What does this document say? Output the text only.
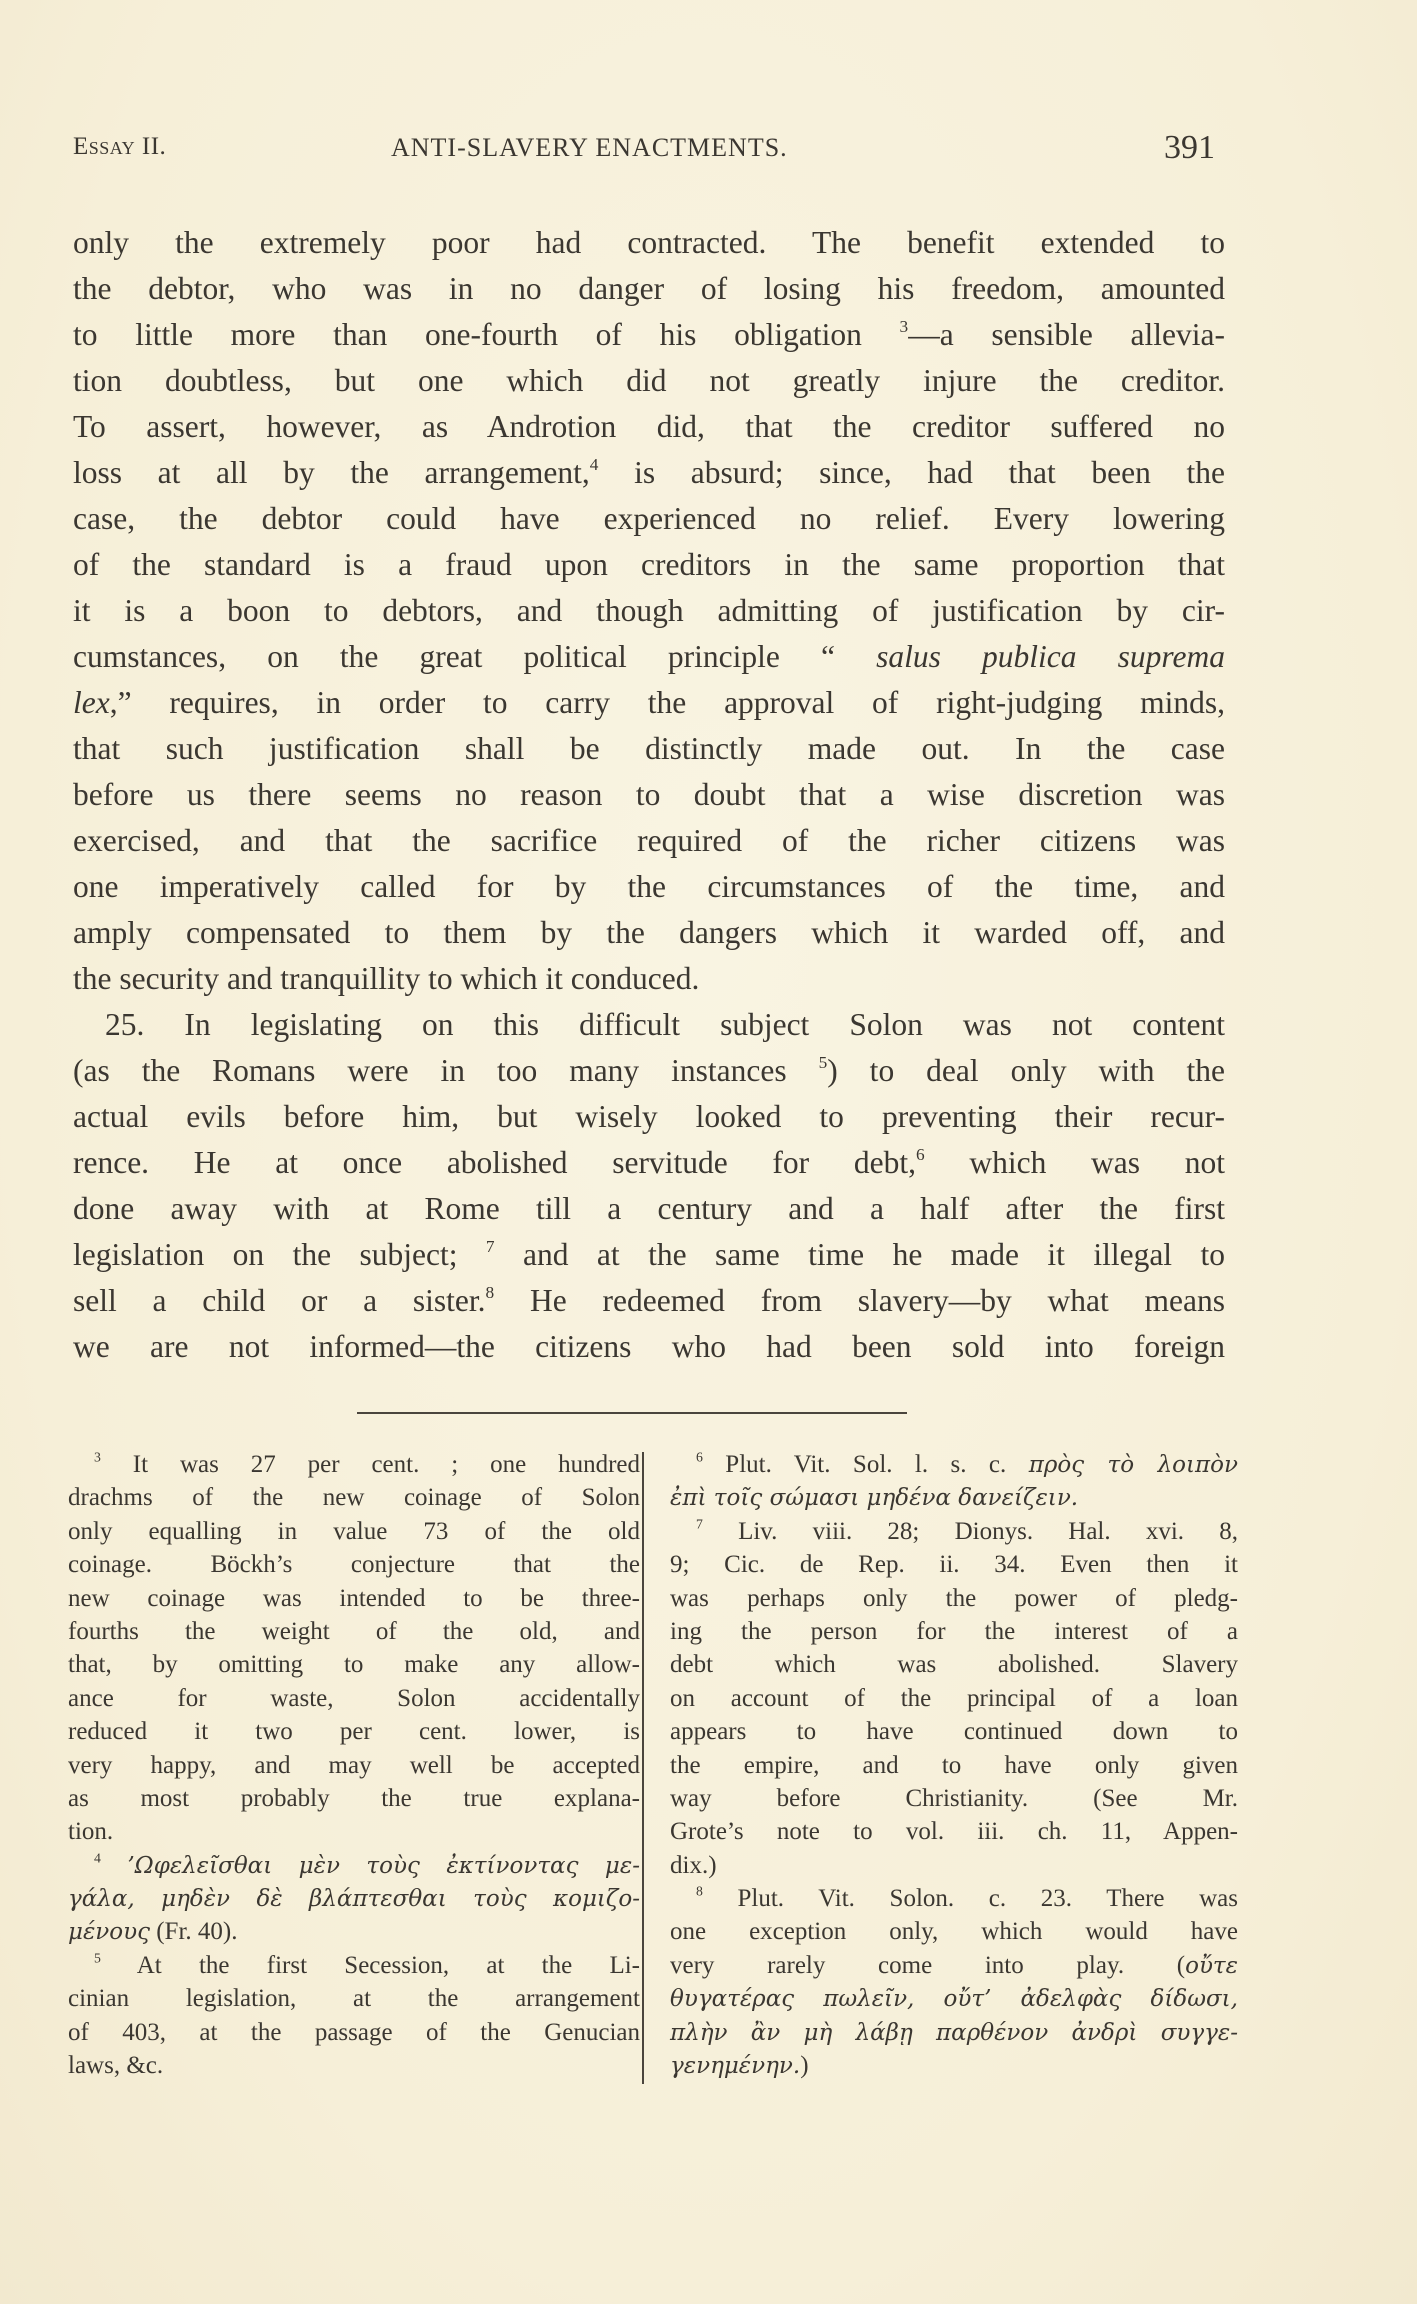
Essay II.	ANTI-SLAVERY ENACTMENTS.	391
only the extremely poor had contracted. The benefit extended to
the debtor, who was in no danger of losing his freedom, amounted
to little more than one-fourth of his obligation $^3$—a sensible allevia-
tion doubtless, but one which did not greatly injure the creditor.
To assert, however, as Androtion did, that the creditor suffered no
loss at all by the arrangement,$^4$ is absurd; since, had that been the
case, the debtor could have experienced no relief. Every lowering
of the standard is a fraud upon creditors in the same proportion that
it is a boon to debtors, and though admitting of justification by cir-
cumstances, on the great political principle “ salus publica suprema
lex,” requires, in order to carry the approval of right-judging minds,
that such justification shall be distinctly made out. In the case
before us there seems no reason to doubt that a wise discretion was
exercised, and that the sacrifice required of the richer citizens was
one imperatively called for by the circumstances of the time, and
amply compensated to them by the dangers which it warded off, and
the security and tranquillity to which it conduced.
25. In legislating on this difficult subject Solon was not content
(as the Romans were in too many instances $^5$) to deal only with the
actual evils before him, but wisely looked to preventing their recur-
rence. He at once abolished servitude for debt,$^6$ which was not
done away with at Rome till a century and a half after the first
legislation on the subject; $^7$ and at the same time he made it illegal to
sell a child or a sister.$^8$ He redeemed from slavery—by what means
we are not informed—the citizens who had been sold into foreign
$^3$ It was 27 per cent. ; one hundred
drachms of the new coinage of Solon
only equalling in value 73 of the old
coinage. Böckh’s conjecture that the
new coinage was intended to be three-
fourths the weight of the old, and
that, by omitting to make any allow-
ance for waste, Solon accidentally
reduced it two per cent. lower, is
very happy, and may well be accepted
as most probably the true explana-
tion.
$^4$ ’Ωφελεῖσθαι μὲν τοὺς ἐκτίνοντας με-
γάλα, μηδὲν δὲ βλάπτεσθαι τοὺς κομιζο-
μένους (Fr. 40).
$^5$ At the first Secession, at the Li-
cinian legislation, at the arrangement
of 403, at the passage of the Genucian
laws, &c.
$^6$ Plut. Vit. Sol. l. s. c. πρὸς τὸ λοιπὸν
ἐπὶ τοῖς σώμασι μηδένα δανείζειν.
$^7$ Liv. viii. 28; Dionys. Hal. xvi. 8,
9; Cic. de Rep. ii. 34. Even then it
was perhaps only the power of pledg-
ing the person for the interest of a
debt which was abolished. Slavery
on account of the principal of a loan
appears to have continued down to
the empire, and to have only given
way before Christianity. (See Mr.
Grote’s note to vol. iii. ch. 11, Appen-
dix.)
$^8$ Plut. Vit. Solon. c. 23. There was
one exception only, which would have
very rarely come into play. (οὔτε
θυγατέρας πωλεῖν, οὔτ’ ἀδελφὰς δίδωσι,
πλὴν ἂν μὴ λάβῃ παρθένον ἀνδρὶ συγγε-
γενημένην.)
